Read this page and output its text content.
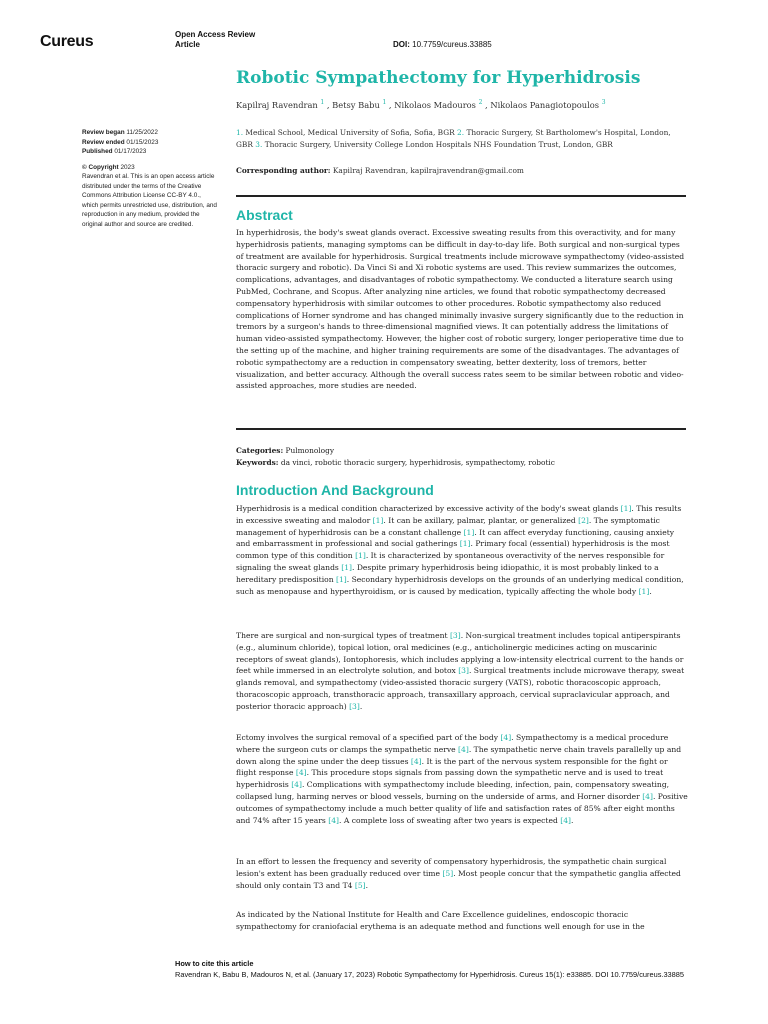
Cureus	Open Access Review
Article	DOI: 10.7759/cureus.33885
Robotic Sympathectomy for Hyperhidrosis
Kapilraj Ravendran $^1$ , Betsy Babu $^1$ , Nikolaos Madouros $^2$ , Nikolaos Panagiotopoulos $^3$
1. Medical School, Medical University of Sofia, Sofia, BGR 2. Thoracic Surgery, St Bartholomew's Hospital, London, GBR 3. Thoracic Surgery, University College London Hospitals NHS Foundation Trust, London, GBR
Corresponding author: Kapilraj Ravendran, kapilrajravendran@gmail.com
Review began 11/25/2022
Review ended 01/15/2023
Published 01/17/2023
© Copyright 2023
Ravendran et al. This is an open access article distributed under the terms of the Creative Commons Attribution License CC-BY 4.0., which permits unrestricted use, distribution, and reproduction in any medium, provided the original author and source are credited.
Abstract

In hyperhidrosis, the body's sweat glands overact. Excessive sweating results from this overactivity, and for many hyperhidrosis patients, managing symptoms can be difficult in day-to-day life. Both surgical and non-surgical types of treatment are available for hyperhidrosis. Surgical treatments include microwave sympathectomy (video-assisted thoracic surgery and robotic). Da Vinci Si and Xi robotic systems are used. This review summarizes the outcomes, complications, advantages, and disadvantages of robotic sympathectomy. We conducted a literature search using PubMed, Cochrane, and Scopus. After analyzing nine articles, we found that robotic sympathectomy decreased compensatory hyperhidrosis with similar outcomes to other procedures. Robotic sympathectomy also reduced complications of Horner syndrome and has changed minimally invasive surgery significantly due to the reduction in tremors by a surgeon's hands to three-dimensional magnified views. It can potentially address the limitations of human video-assisted sympathectomy. However, the higher cost of robotic surgery, longer perioperative time due to the setting up of the machine, and higher training requirements are some of the disadvantages. The advantages of robotic sympathectomy are a reduction in compensatory sweating, better dexterity, loss of tremors, better visualization, and better accuracy. Although the overall success rates seem to be similar between robotic and video-assisted approaches, more studies are needed.

Categories: Pulmonology
Keywords: da vinci, robotic thoracic surgery, hyperhidrosis, sympathectomy, robotic
Introduction And Background

Hyperhidrosis is a medical condition characterized by excessive activity of the body's sweat glands [1]. This results in excessive sweating and malodor [1]. It can be axillary, palmar, plantar, or generalized [2]. The symptomatic management of hyperhidrosis can be a constant challenge [1]. It can affect everyday functioning, causing anxiety and embarrassment in professional and social gatherings [1]. Primary focal (essential) hyperhidrosis is the most common type of this condition [1]. It is characterized by spontaneous overactivity of the nerves responsible for signaling the sweat glands [1]. Despite primary hyperhidrosis being idiopathic, it is most probably linked to a hereditary predisposition [1]. Secondary hyperhidrosis develops on the grounds of an underlying medical condition, such as menopause and hyperthyroidism, or is caused by medication, typically affecting the whole body [1].

There are surgical and non-surgical types of treatment [3]. Non-surgical treatment includes topical antiperspirants (e.g., aluminum chloride), topical lotion, oral medicines (e.g., anticholinergic medicines acting on muscarinic receptors of sweat glands), Iontophoresis, which includes applying a low-intensity electrical current to the hands or feet while immersed in an electrolyte solution, and botox [3]. Surgical treatments include microwave therapy, sweat glands removal, and sympathectomy (video-assisted thoracic surgery (VATS), robotic thoracoscopic approach, thoracoscopic approach, transthoracic approach, transaxillary approach, cervical supraclavicular approach, and posterior thoracic approach) [3].

Ectomy involves the surgical removal of a specified part of the body [4]. Sympathectomy is a medical procedure where the surgeon cuts or clamps the sympathetic nerve [4]. The sympathetic nerve chain travels parallelly up and down along the spine under the deep tissues [4]. It is the part of the nervous system responsible for the fight or flight response [4]. This procedure stops signals from passing down the sympathetic nerve and is used to treat hyperhidrosis [4]. Complications with sympathectomy include bleeding, infection, pain, compensatory sweating, collapsed lung, harming nerves or blood vessels, burning on the underside of arms, and Horner disorder [4]. Positive outcomes of sympathectomy include a much better quality of life and satisfaction rates of 85% after eight months and 74% after 15 years [4]. A complete loss of sweating after two years is expected [4].

In an effort to lessen the frequency and severity of compensatory hyperhidrosis, the sympathetic chain surgical lesion's extent has been gradually reduced over time [5]. Most people concur that the sympathetic ganglia affected should only contain T3 and T4 [5].

As indicated by the National Institute for Health and Care Excellence guidelines, endoscopic thoracic sympathectomy for craniofacial erythema is an adequate method and functions well enough for use in the

How to cite this article
Ravendran K, Babu B, Madouros N, et al. (January 17, 2023) Robotic Sympathectomy for Hyperhidrosis. Cureus 15(1): e33885. DOI 10.7759/cureus.33885
